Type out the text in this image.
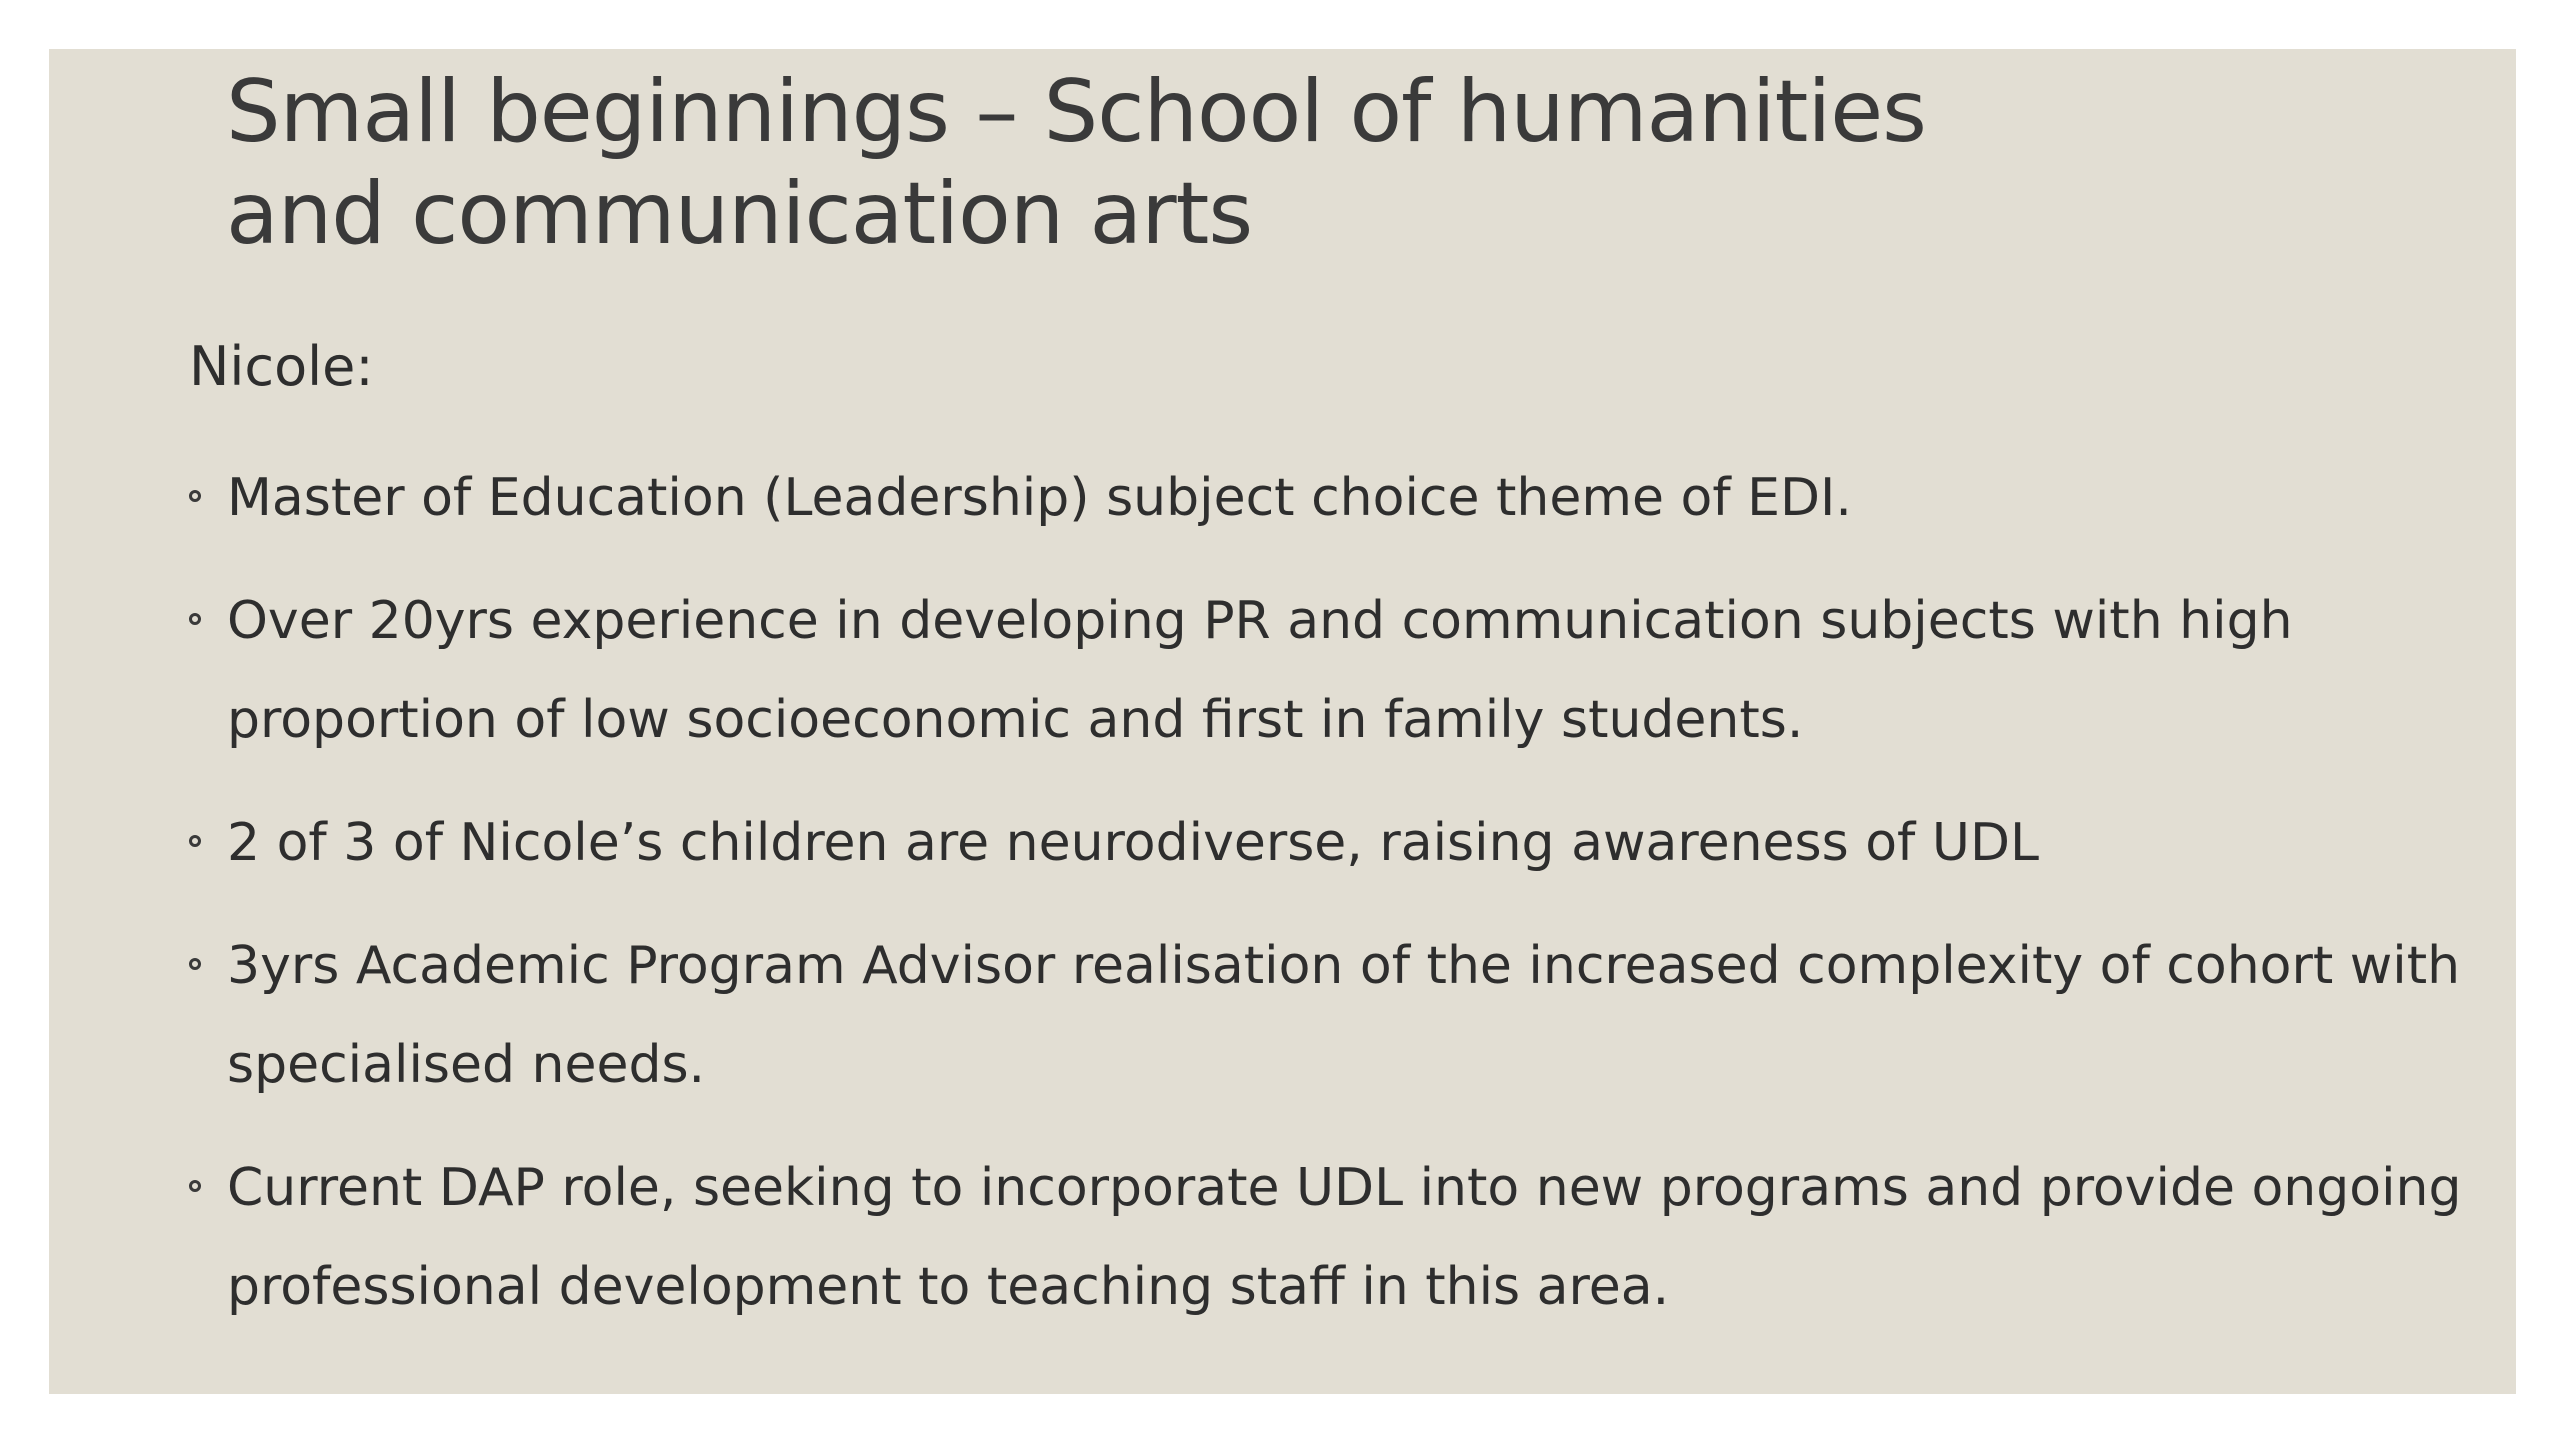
Small beginnings – School of humanities
and communication arts

Nicole:

Master of Education (Leadership) subject choice theme of EDI.
Over 20yrs experience in developing PR and communication subjects with high proportion of low socioeconomic and first in family students.
2 of 3 of Nicole’s children are neurodiverse, raising awareness of UDL
3yrs Academic Program Advisor realisation of the increased complexity of cohort with specialised needs.
Current DAP role, seeking to incorporate UDL into new programs and provide ongoing professional development to teaching staff in this area.
